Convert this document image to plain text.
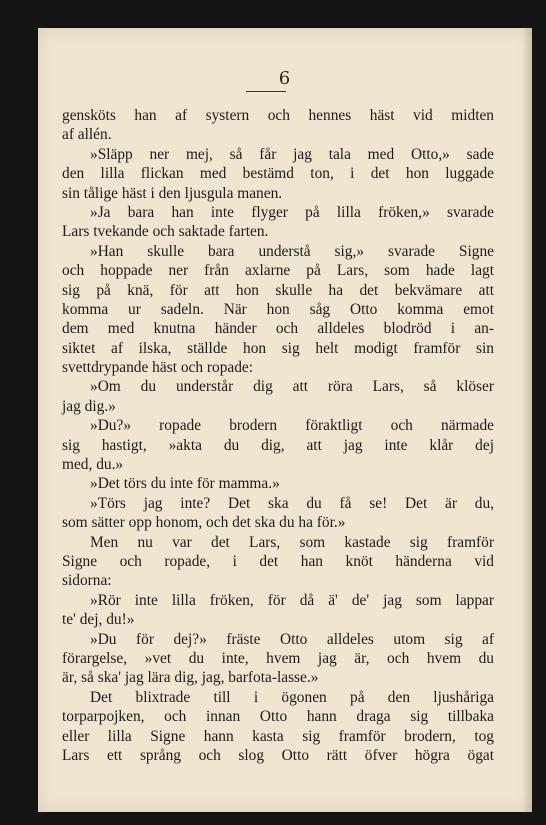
6
gensköts han af systern och hennes häst vid midten
af allén.
»Släpp ner mej, så får jag tala med Otto,» sade
den lilla flickan med bestämd ton, i det hon luggade
sin tålige häst i den ljusgula manen.
»Ja bara han inte flyger på lilla fröken,» svarade
Lars tvekande och saktade farten.
»Han skulle bara understå sig,» svarade Signe
och hoppade ner från axlarne på Lars, som hade lagt
sig på knä, för att hon skulle ha det bekvämare att
komma ur sadeln. När hon såg Otto komma emot
dem med knutna händer och alldeles blodröd i an-
siktet af ilska, ställde hon sig helt modigt framför sin
svettdrypande häst och ropade:
»Om du understår dig att röra Lars, så klöser
jag dig.»
»Du?» ropade brodern föraktligt och närmade
sig hastigt, »akta du dig, att jag inte klår dej
med, du.»
»Det törs du inte för mamma.»
»Törs jag inte? Det ska du få se! Det är du,
som sätter opp honom, och det ska du ha för.»
Men nu var det Lars, som kastade sig framför
Signe och ropade, i det han knöt händerna vid
sidorna:
»Rör inte lilla fröken, för då ä' de' jag som lappar
te' dej, du!»
»Du för dej?» fräste Otto alldeles utom sig af
förargelse, »vet du inte, hvem jag är, och hvem du
är, så ska' jag lära dig, jag, barfota-lasse.»
Det blixtrade till i ögonen på den ljushåriga
torparpojken, och innan Otto hann draga sig tillbaka
eller lilla Signe hann kasta sig framför brodern, tog
Lars ett språng och slog Otto rätt öfver högra ögat
